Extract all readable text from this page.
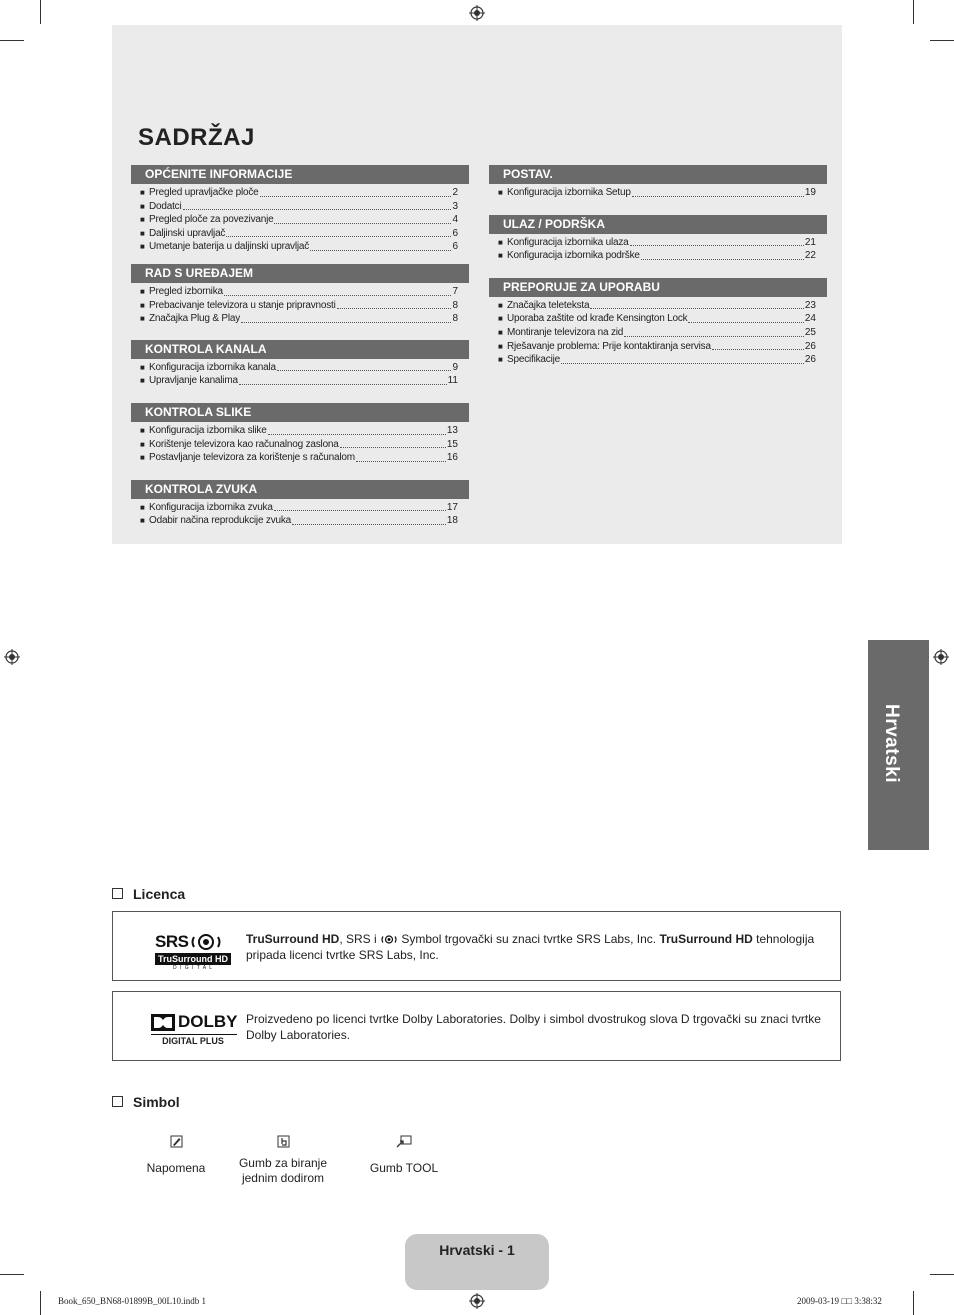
SADRŽAJ
OPĆENITE INFORMACIJE
■ Pregled upravljačke ploče	2
■ Dodatci	3
■ Pregled ploče za povezivanje	4
■ Daljinski upravljač	6
■ Umetanje baterija u daljinski upravljač	6
RAD S UREĐAJEM
■ Pregled izbornika	7
■ Prebacivanje televizora u stanje pripravnosti	8
■ Značajka Plug & Play	8
KONTROLA KANALA
■ Konfiguracija izbornika kanala	9
■ Upravljanje kanalima	11
KONTROLA SLIKE
■ Konfiguracija izbornika slike	13
■ Korištenje televizora kao računalnog zaslona	15
■ Postavljanje televizora za korištenje s računalom	16
KONTROLA ZVUKA
■ Konfiguracija izbornika zvuka	17
■ Odabir načina reprodukcije zvuka	18
POSTAV.
■ Konfiguracija izbornika Setup	19
ULAZ / PODRŠKA
■ Konfiguracija izbornika ulaza	21
■ Konfiguracija izbornika podrške	22
PREPORUJE ZA UPORABU
■ Značajka teleteksta	23
■ Uporaba zaštite od krađe Kensington Lock	24
■ Montiranje televizora na zid	25
■ Rješavanje problema: Prije kontaktiranja servisa	26
■ Specifikacije	26
Hrvatski
Licenca
SRS
TruSurround HD
D I G I T A L
TruSurround HD, SRS i  Symbol trgovački su znaci tvrtke SRS Labs, Inc. TruSurround HD tehnologija pripada licenci tvrtke SRS Labs, Inc.
DOLBY
DIGITAL PLUS
Proizvedeno po licenci tvrtke Dolby Laboratories. Dolby i simbol dvostrukog slova D trgovački su znaci tvrtke Dolby Laboratories.
Simbol
Napomena	Gumb za biranje
jednim dodirom
Gumb TOOL
Hrvatski - 1
Book_650_BN68-01899B_00L10.indb 1	2009-03-19 □□ 3:38:32
